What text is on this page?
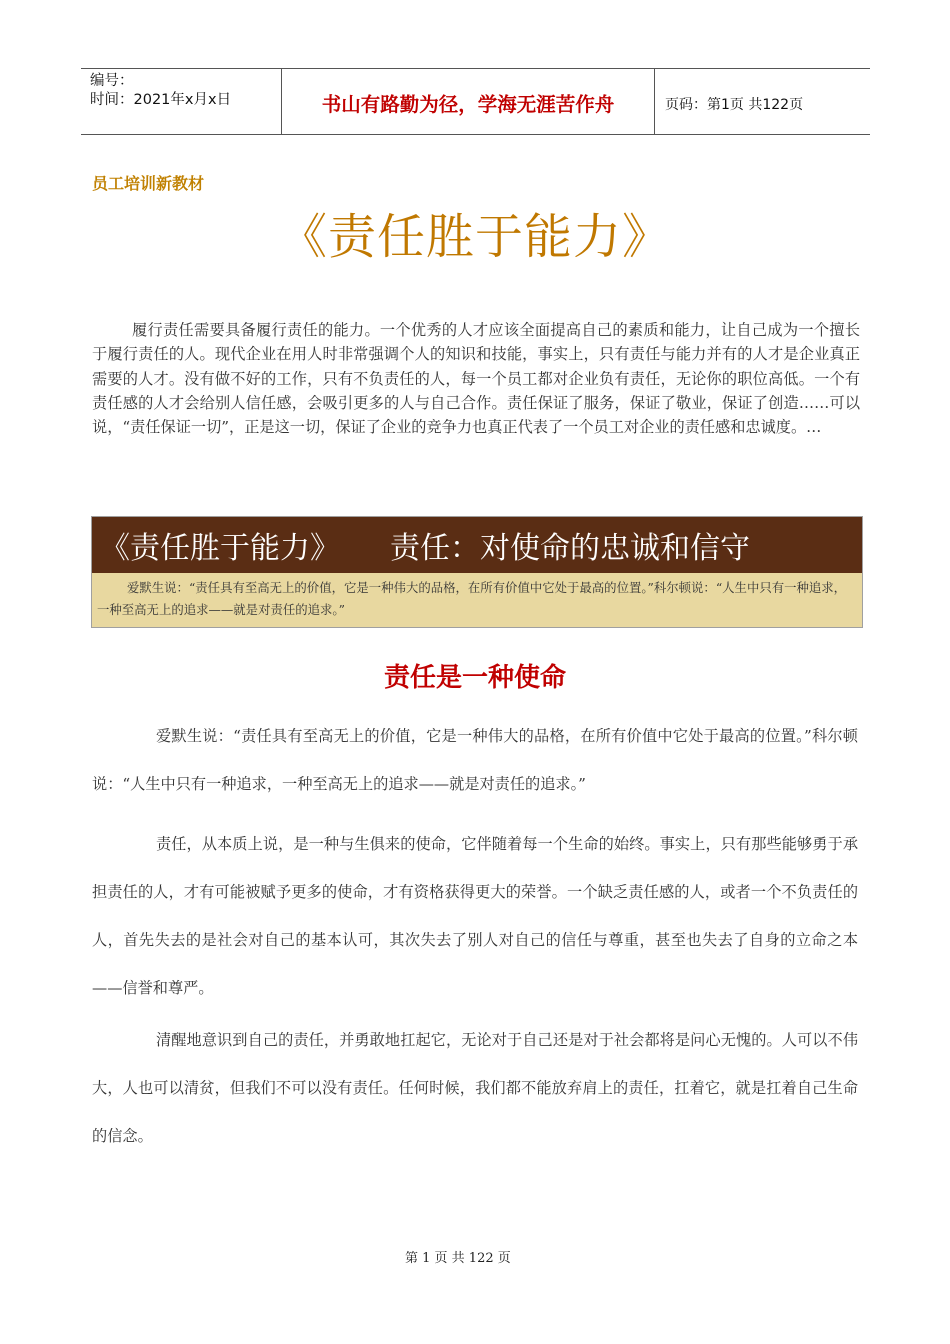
编号：
时间：2021年x月x日	书山有路勤为径，学海无涯苦作舟	页码：第1页 共122页
员工培训新教材
《责任胜于能力》

履行责任需要具备履行责任的能力。一个优秀的人才应该全面提高自己的素质和能力，让自己成为一个擅长于履行责任的人。现代企业在用人时非常强调个人的知识和技能，事实上，只有责任与能力并有的人才是企业真正需要的人才。没有做不好的工作，只有不负责任的人，每一个员工都对企业负有责任，无论你的职位高低。一个有责任感的人才会给别人信任感，会吸引更多的人与自己合作。责任保证了服务，保证了敬业，保证了创造……可以说，“责任保证一切”，正是这一切，保证了企业的竞争力也真正代表了一个员工对企业的责任感和忠诚度。…

《责任胜于能力》 责任：对使命的忠诚和信守

爱默生说：“责任具有至高无上的价值，它是一种伟大的品格，在所有价值中它处于最高的位置。”科尔顿说：“人生中只有一种追求，一种至高无上的追求——就是对责任的追求。”

责任是一种使命

爱默生说：“责任具有至高无上的价值，它是一种伟大的品格，在所有价值中它处于最高的位置。”科尔顿说：“人生中只有一种追求，一种至高无上的追求——就是对责任的追求。”

责任，从本质上说，是一种与生俱来的使命，它伴随着每一个生命的始终。事实上，只有那些能够勇于承担责任的人，才有可能被赋予更多的使命，才有资格获得更大的荣誉。一个缺乏责任感的人，或者一个不负责任的人，首先失去的是社会对自己的基本认可，其次失去了别人对自己的信任与尊重，甚至也失去了自身的立命之本——信誉和尊严。

清醒地意识到自己的责任，并勇敢地扛起它，无论对于自己还是对于社会都将是问心无愧的。人可以不伟大，人也可以清贫，但我们不可以没有责任。任何时候，我们都不能放弃肩上的责任，扛着它，就是扛着自己生命的信念。

第 1 页 共 122 页
